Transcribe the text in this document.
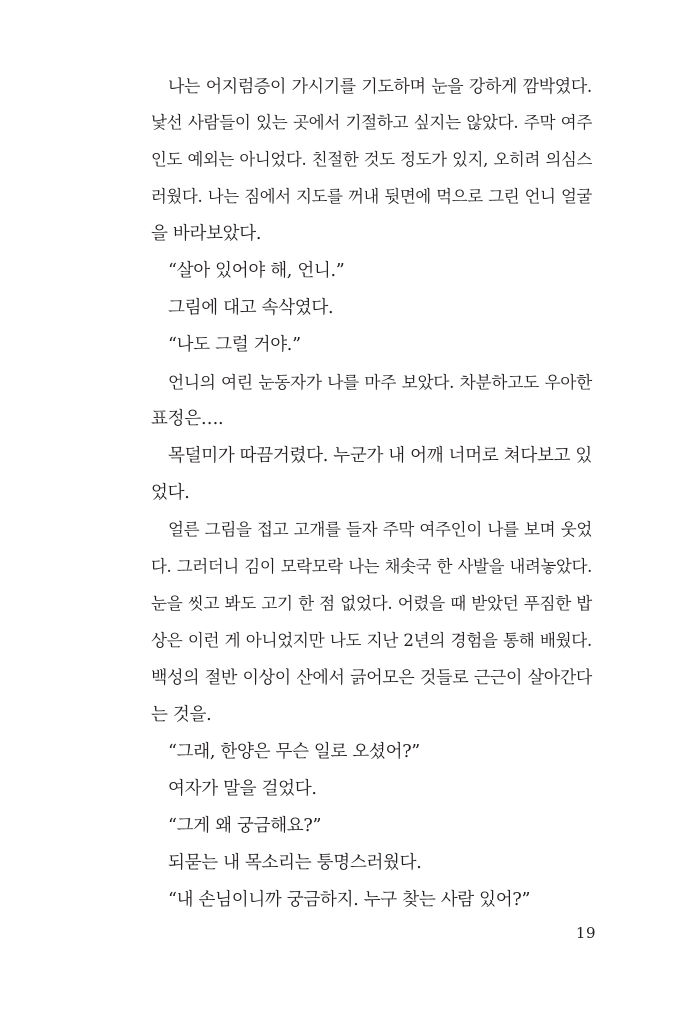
나는 어지럼증이 가시기를 기도하며 눈을 강하게 깜박였다.
낯선 사람들이 있는 곳에서 기절하고 싶지는 않았다. 주막 여주
인도 예외는 아니었다. 친절한 것도 정도가 있지, 오히려 의심스
러웠다. 나는 짐에서 지도를 꺼내 뒷면에 먹으로 그린 언니 얼굴
을 바라보았다.
“살아 있어야 해, 언니.”
그림에 대고 속삭였다.
“나도 그럴 거야.”
언니의 여린 눈동자가 나를 마주 보았다. 차분하고도 우아한
표정은….
목덜미가 따끔거렸다. 누군가 내 어깨 너머로 쳐다보고 있
었다.
얼른 그림을 접고 고개를 들자 주막 여주인이 나를 보며 웃었
다. 그러더니 김이 모락모락 나는 채솟국 한 사발을 내려놓았다.
눈을 씻고 봐도 고기 한 점 없었다. 어렸을 때 받았던 푸짐한 밥
상은 이런 게 아니었지만 나도 지난 2년의 경험을 통해 배웠다.
백성의 절반 이상이 산에서 긁어모은 것들로 근근이 살아간다
는 것을.
“그래, 한양은 무슨 일로 오셨어?”
여자가 말을 걸었다.
“그게 왜 궁금해요?”
되묻는 내 목소리는 퉁명스러웠다.
“내 손님이니까 궁금하지. 누구 찾는 사람 있어?”
19
